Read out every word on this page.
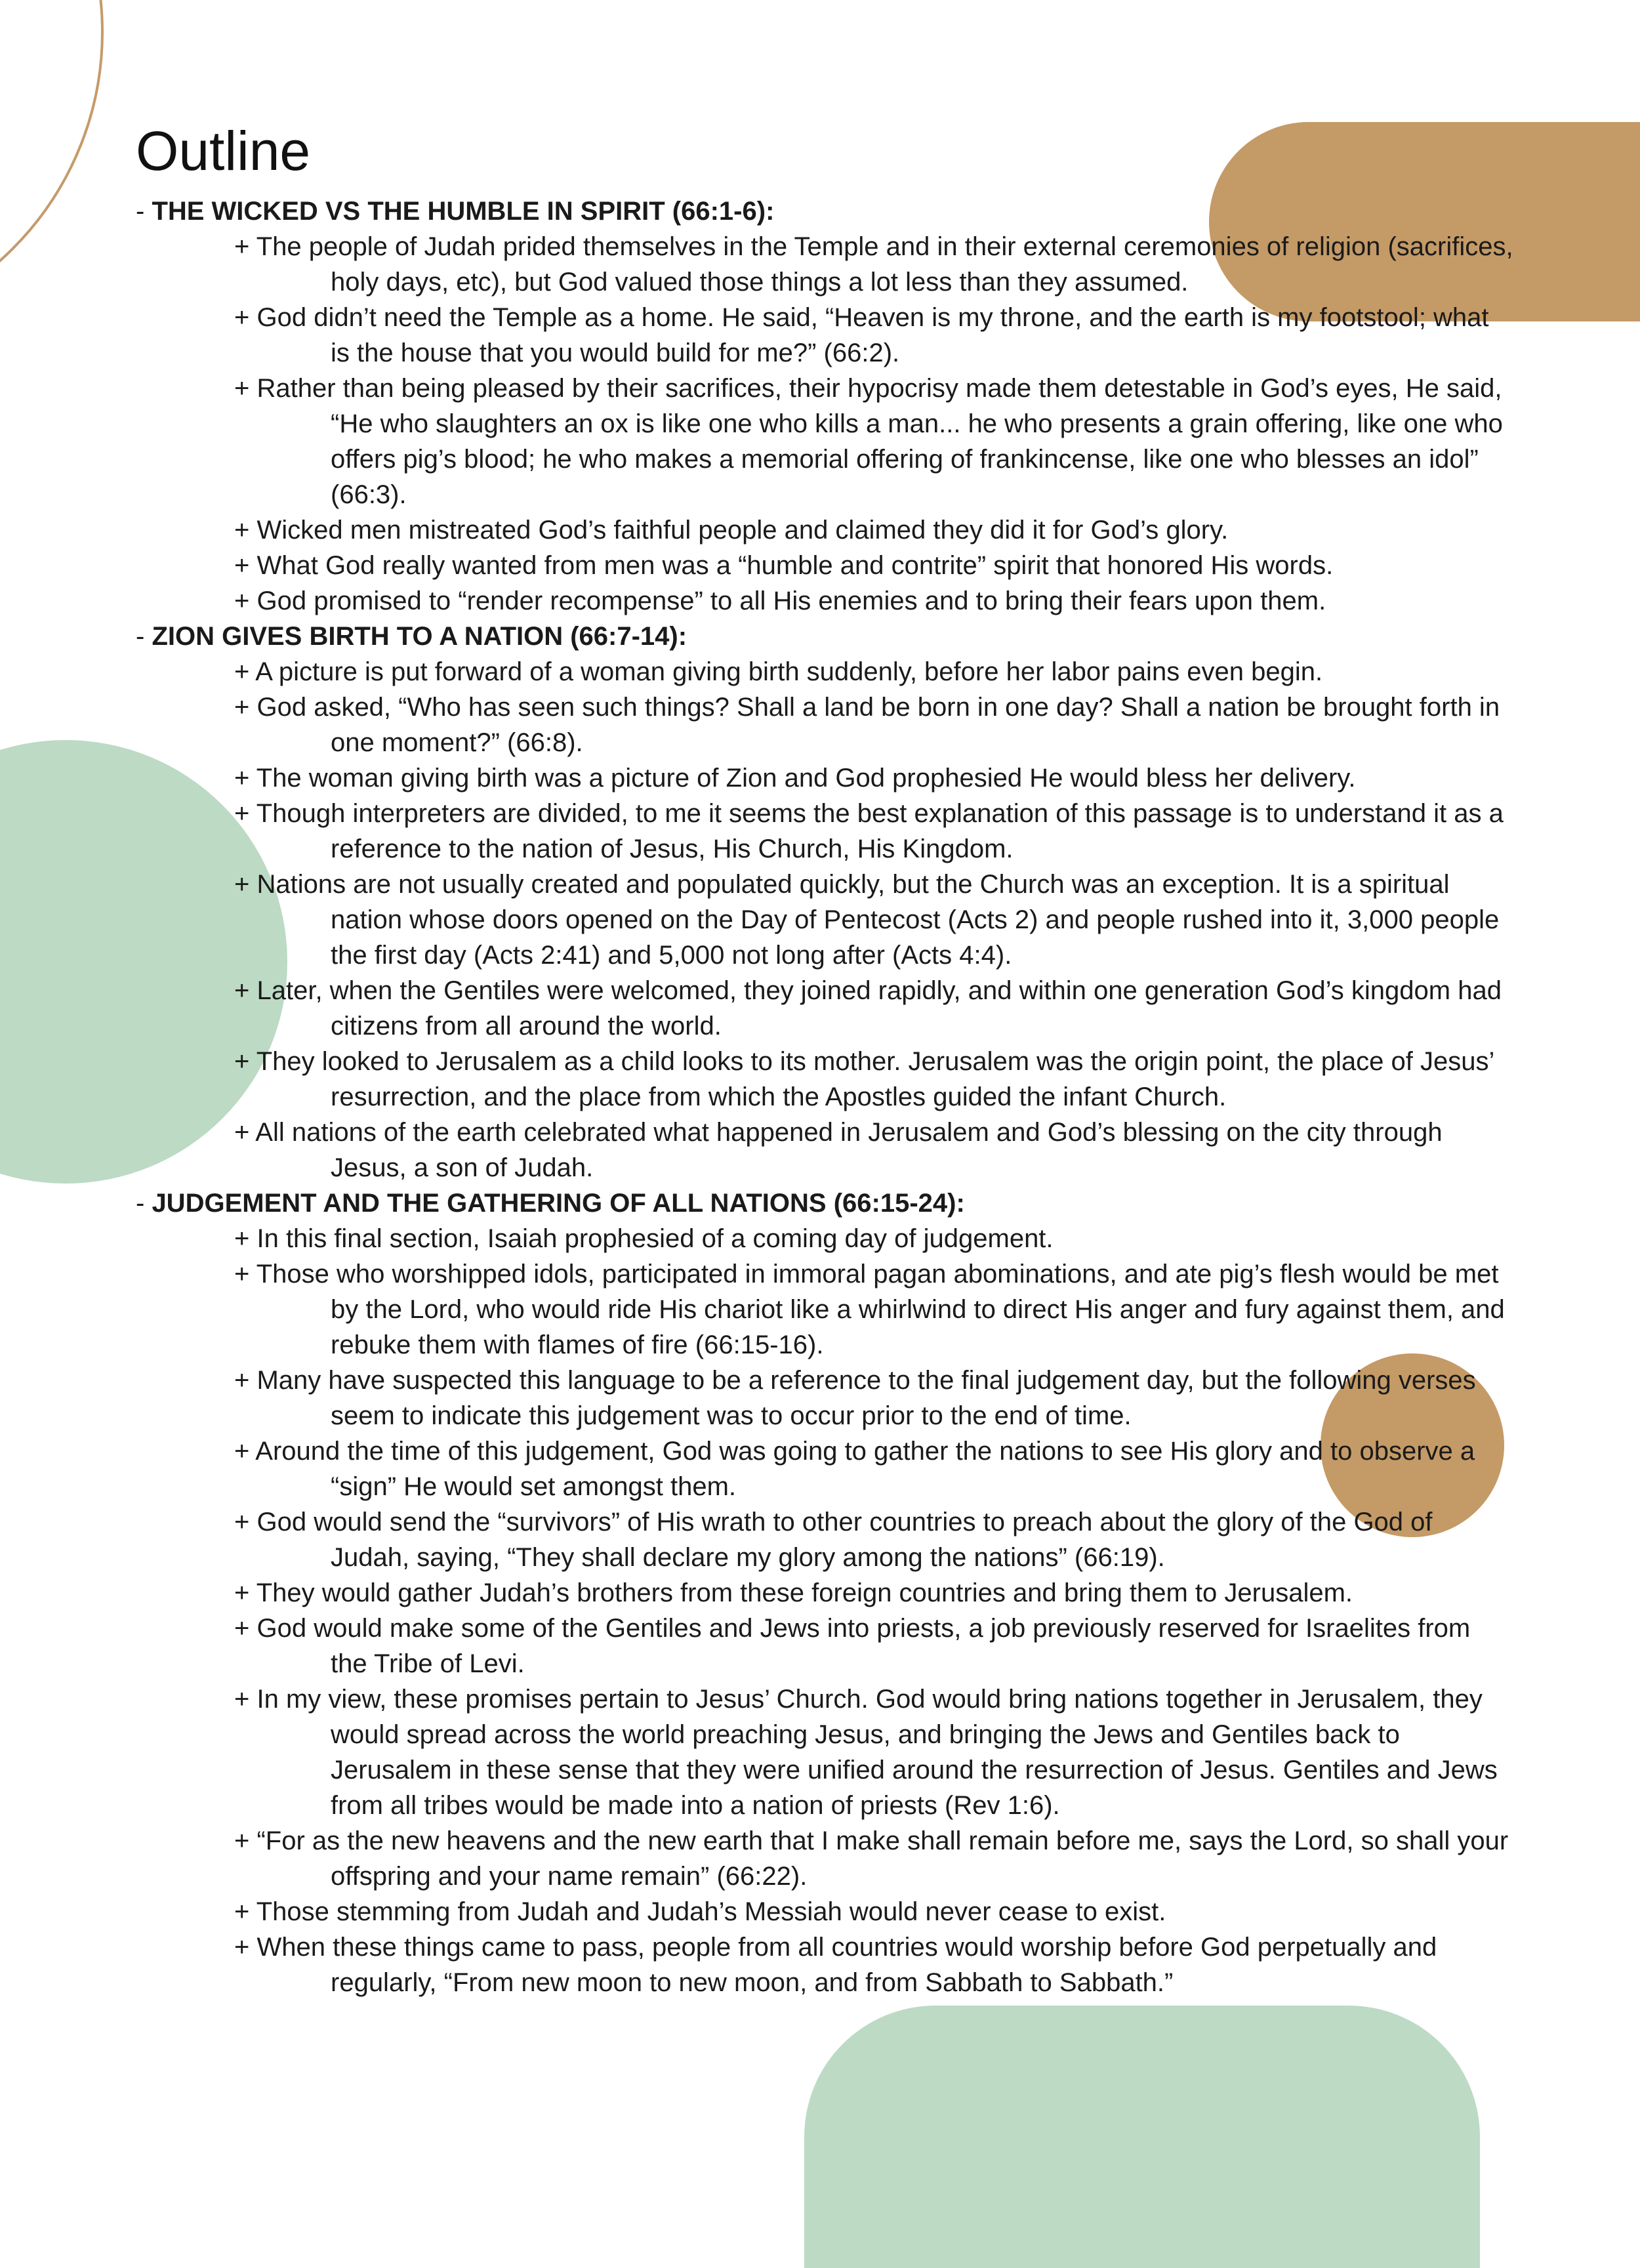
Outline

- THE WICKED VS THE HUMBLE IN SPIRIT (66:1-6):

+ The people of Judah prided themselves in the Temple and in their external ceremonies of religion (sacrifices, holy days, etc), but God valued those things a lot less than they assumed.
+ God didn’t need the Temple as a home. He said, “Heaven is my throne, and the earth is my footstool; what is the house that you would build for me?” (66:2).
+ Rather than being pleased by their sacrifices, their hypocrisy made them detestable in God’s eyes, He said, “He who slaughters an ox is like one who kills a man... he who presents a grain offering, like one who offers pig’s blood; he who makes a memorial offering of frankincense, like one who blesses an idol” (66:3).
+ Wicked men mistreated God’s faithful people and claimed they did it for God’s glory.
+ What God really wanted from men was a “humble and contrite” spirit that honored His words.
+ God promised to “render recompense” to all His enemies and to bring their fears upon them.

- ZION GIVES BIRTH TO A NATION (66:7-14):

+ A picture is put forward of a woman giving birth suddenly, before her labor pains even begin.
+ God asked, “Who has seen such things? Shall a land be born in one day? Shall a nation be brought forth in one moment?” (66:8).
+ The woman giving birth was a picture of Zion and God prophesied He would bless her delivery.
+ Though interpreters are divided, to me it seems the best explanation of this passage is to understand it as a reference to the nation of Jesus, His Church, His Kingdom.
+ Nations are not usually created and populated quickly, but the Church was an exception. It is a spiritual nation whose doors opened on the Day of Pentecost (Acts 2) and people rushed into it, 3,000 people the first day (Acts 2:41) and 5,000 not long after (Acts 4:4).
+ Later, when the Gentiles were welcomed, they joined rapidly, and within one generation God’s kingdom had citizens from all around the world.
+ They looked to Jerusalem as a child looks to its mother. Jerusalem was the origin point, the place of Jesus’ resurrection, and the place from which the Apostles guided the infant Church.
+ All nations of the earth celebrated what happened in Jerusalem and God’s blessing on the city through Jesus, a son of Judah.

- JUDGEMENT AND THE GATHERING OF ALL NATIONS (66:15-24):

+ In this final section, Isaiah prophesied of a coming day of judgement.
+ Those who worshipped idols, participated in immoral pagan abominations, and ate pig’s flesh would be met by the Lord, who would ride His chariot like a whirlwind to direct His anger and fury against them, and rebuke them with flames of fire (66:15-16).
+ Many have suspected this language to be a reference to the final judgement day, but the following verses seem to indicate this judgement was to occur prior to the end of time.
+ Around the time of this judgement, God was going to gather the nations to see His glory and to observe a “sign” He would set amongst them.
+ God would send the “survivors” of His wrath to other countries to preach about the glory of the God of Judah, saying, “They shall declare my glory among the nations” (66:19).
+ They would gather Judah’s brothers from these foreign countries and bring them to Jerusalem.
+ God would make some of the Gentiles and Jews into priests, a job previously reserved for Israelites from the Tribe of Levi.
+ In my view, these promises pertain to Jesus’ Church. God would bring nations together in Jerusalem, they would spread across the world preaching Jesus, and bringing the Jews and Gentiles back to Jerusalem in these sense that they were unified around the resurrection of Jesus. Gentiles and Jews from all tribes would be made into a nation of priests (Rev 1:6).
+ “For as the new heavens and the new earth that I make shall remain before me, says the Lord, so shall your offspring and your name remain” (66:22).
+ Those stemming from Judah and Judah’s Messiah would never cease to exist.
+ When these things came to pass, people from all countries would worship before God perpetually and regularly, “From new moon to new moon, and from Sabbath to Sabbath.”
